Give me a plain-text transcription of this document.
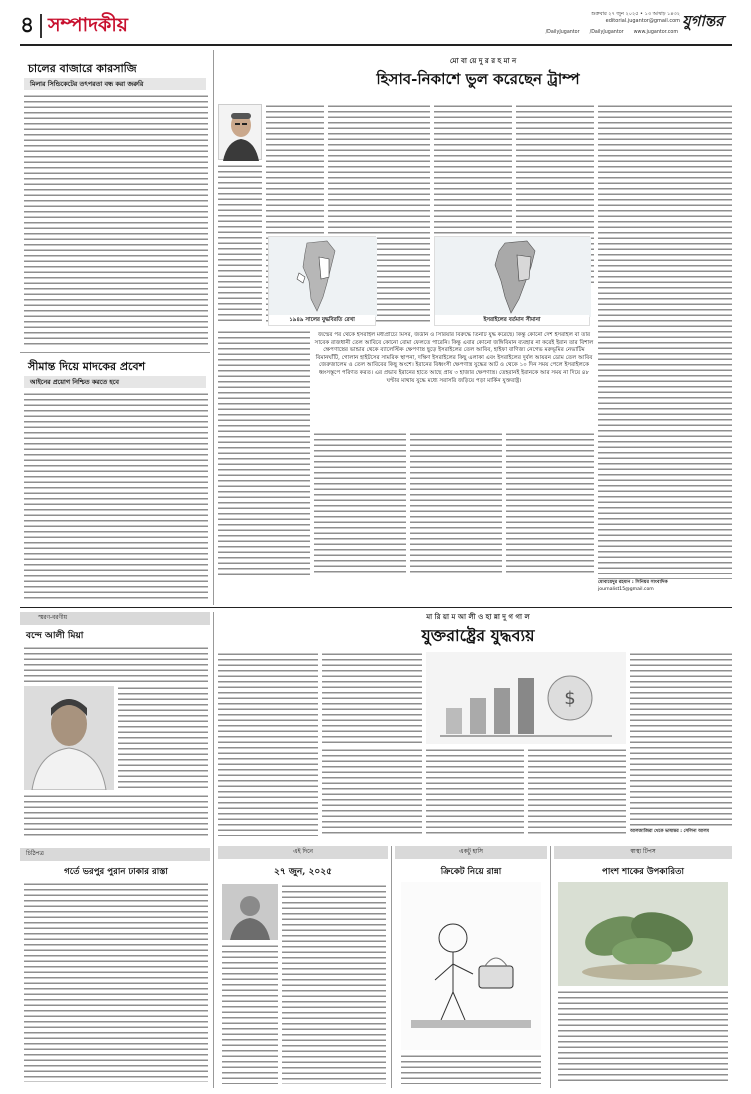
৪ সম্পাদকীয়	শুক্রবার ২৭ জুন ২০২৫ • ১৩ আষাঢ় ১৪৩২
editorial.jugantor@gmail.com
/DailyJugantor /DailyJugantor www.jugantor.com
যুগান্তর
চালের বাজারে কারসাজি
মিলার সিন্ডিকেটের তৎপরতা বন্ধ করা জরুরি
সীমান্ত দিয়ে মাদকের প্রবেশ
আইনের প্রয়োগ নিশ্চিত করতে হবে
মো বা য়ে দু র র হ মা ন
হিসাব-নিকাশে ভুল করেছেন ট্রাম্প
১৯৪৯ সালের যুদ্ধবিরতি রেখা	ইসরাইলের বর্তমান সীমানা
জন্মের পর থেকে ইসরাইল মধ্যপ্রাচ্যে মিসর, জর্ডান ও সিরিয়ার বিরুদ্ধে তিনটি যুদ্ধ করেছে। কিন্তু কোনো দেশ ইসরাইল বা তার সাবেক রাজধানী তেল আবিবে কোনো বোমা ফেলতে পারেনি। কিন্তু এবার কোনো জঙ্গিবিমান ব্যবহার না করেই ইরান তার বিশাল ক্ষেপণাস্ত্রের ভান্ডার থেকে ব্যালেস্টিক ক্ষেপণাস্ত্র ছুড়ে ইসরাইলের তেল আবিব, হাইফা বাণিজ্য নেগেভ মরুভূমির নেভাটিম বিমানঘাঁটি, গোলান হাইটসের সামরিক স্থাপনা, দক্ষিণ ইসরাইলের কিছু এলাকা এবং ইসরাইলের দুর্বল আয়রন ডোম তেল আবিব জেরুজালেম ও তেল আবিবের কিছু অংশে। ইরানের বিধ্বংসী ক্ষেপণাস্ত্র যুদ্ধের আট ও থেকে ১০ দিন সময় পেলে ইসরাইলকে ধ্বংসস্তূপে পরিণত করত। এর প্রভাব ইরানের হাতে আছে প্রায় ৩ হাজার ক্ষেপণাস্ত্র। তেহরানই ইরানকে আর সময় না দিয়ে ৪৮ ঘণ্টার মাথায় যুদ্ধে মধ্যে সরাসরি জড়িয়ে পড়া মার্কিন যুক্তরাষ্ট্র।
মোবায়েদুর রহমান : সিনিয়র সাংবাদিক
journalist15@gmail.com
স্মরণ-বরণীয়
বন্দে আলী মিয়া
চিঠিপত্র
গর্তে ভরপুর পুরান ঢাকার রাস্তা
মা রি য়া ম আ লী ও হা ন্না দু গ গা ল
যুক্তরাষ্ট্রের যুদ্ধব্যয়
$
আলজাজিরা থেকে ভাষান্তর : সেলিনা আলম
এই দিনে
২৭ জুন, ২০২৫
একটু হাসি
ক্রিকেট নিয়ে রান্না
স্বাস্থ্য টিপস
পাংশ শাকের উপকারিতা
